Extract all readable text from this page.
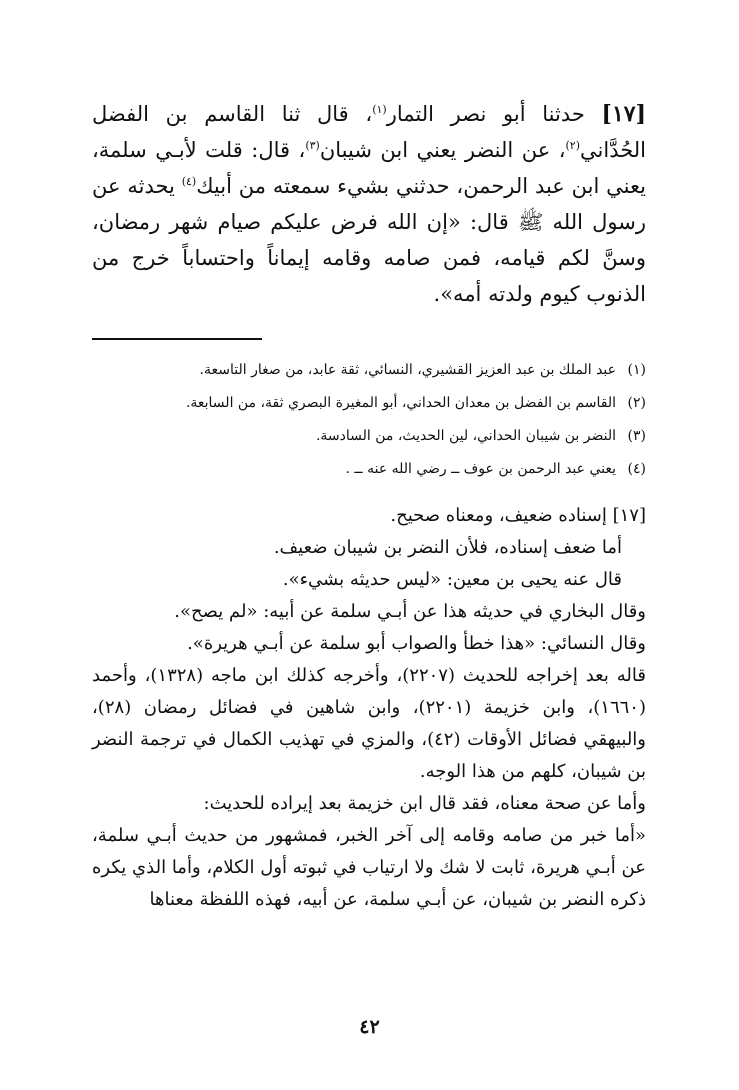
[١٧] حدثنا أبو نصر التمار$^{(١)}$، قال ثنا القاسم بن الفضل الحُدَّاني$^{(٢)}$، عن النضر يعني ابن شيبان$^{(٣)}$، قال: قلت لأبـي سلمة، يعني ابن عبد الرحمن، حدثني بشيء سمعته من أبيك$^{(٤)}$ يحدثه عن رسول الله ﷺ قال: «إن الله فرض عليكم صيام شهر رمضان، وسنَّ لكم قيامه، فمن صامه وقامه إيماناً واحتساباً خرج من الذنوب كيوم ولدته أمه».

(١)
عبد الملك بن عبد العزيز القشيري، النسائي، ثقة عابد، من صغار التاسعة.
(٢)
القاسم بن الفضل بن معدان الحداني، أبو المغيرة البصري ثقة، من السابعة.
(٣)
النضر بن شيبان الحداني، لين الحديث، من السادسة.
(٤)
يعني عبد الرحمن بن عوف ــ رضي الله عنه ــ .

[١٧] إسناده ضعيف، ومعناه صحيح.

أما ضعف إسناده، فلأن النضر بن شيبان ضعيف.

قال عنه يحيى بن معين: «ليس حديثه بشيء».

وقال البخاري في حديثه هذا عن أبـي سلمة عن أبيه: «لم يصح».

وقال النسائي: «هذا خطأ والصواب أبو سلمة عن أبـي هريرة».

قاله بعد إخراجه للحديث (٢٢٠٧)، وأخرجه كذلك ابن ماجه (١٣٢٨)، وأحمد (١٦٦٠)، وابن خزيمة (٢٢٠١)، وابن شاهين في فضائل رمضان (٢٨)، والبيهقي فضائل الأوقات (٤٢)، والمزي في تهذيب الكمال في ترجمة النضر بن شيبان، كلهم من هذا الوجه.

وأما عن صحة معناه، فقد قال ابن خزيمة بعد إيراده للحديث:

«أما خبر من صامه وقامه إلى آخر الخبر، فمشهور من حديث أبـي سلمة، عن أبـي هريرة، ثابت لا شك ولا ارتياب في ثبوته أول الكلام، وأما الذي يكره ذكره النضر بن شيبان، عن أبـي سلمة، عن أبيه، فهذه اللفظة معناها

٤٢
